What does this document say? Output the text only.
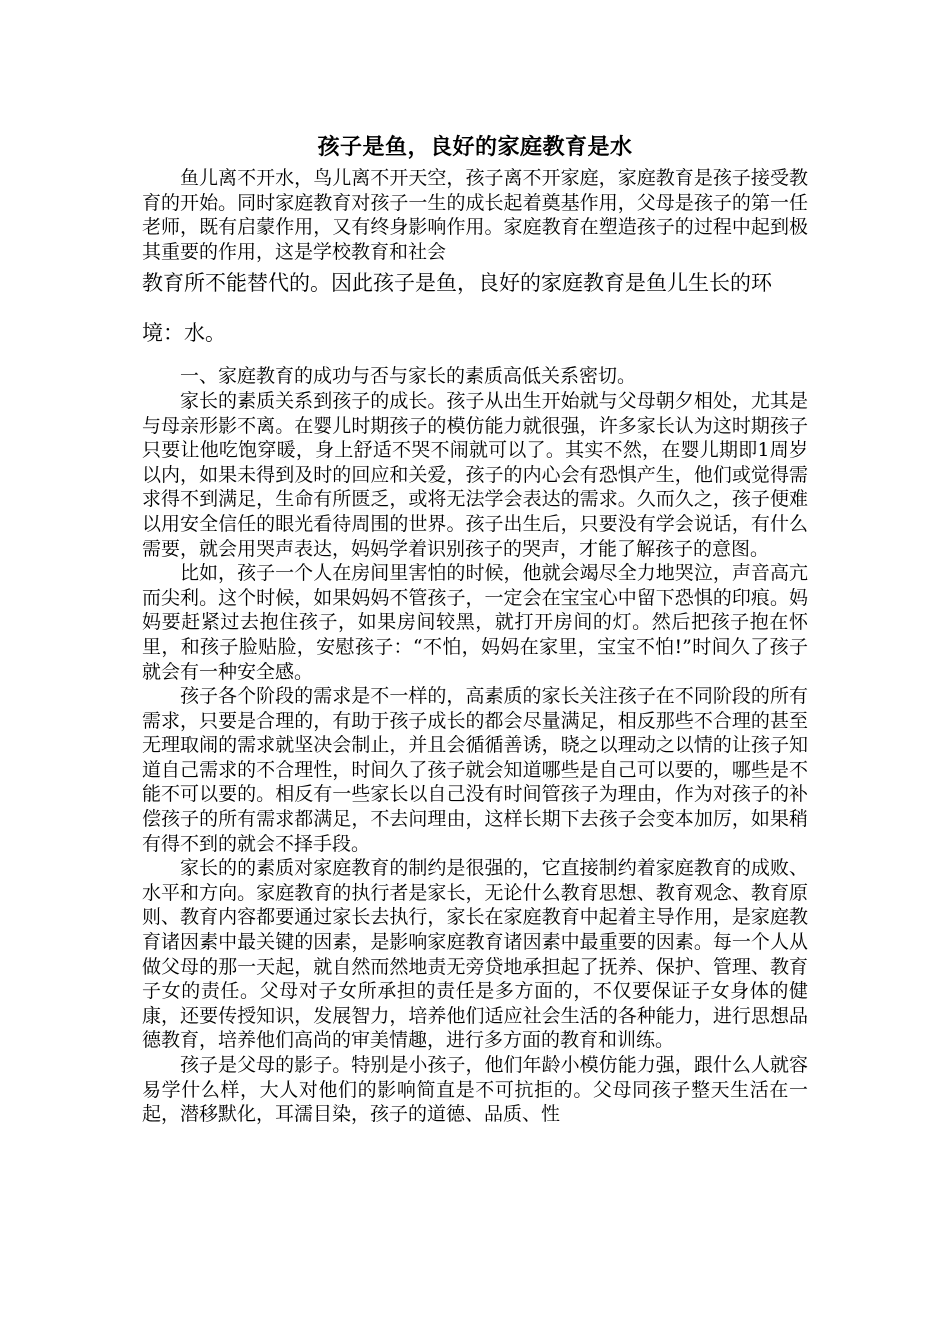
孩子是鱼，良好的家庭教育是水

鱼儿离不开水，鸟儿离不开天空，孩子离不开家庭，家庭教育是孩子接受教育的开始。同时家庭教育对孩子一生的成长起着奠基作用，父母是孩子的第一任老师，既有启蒙作用，又有终身影响作用。家庭教育在塑造孩子的过程中起到极其重要的作用，这是学校教育和社会

教育所不能替代的。因此孩子是鱼，良好的家庭教育是鱼儿生长的环境：水。

一、家庭教育的成功与否与家长的素质高低关系密切。

家长的素质关系到孩子的成长。孩子从出生开始就与父母朝夕相处，尤其是与母亲形影不离。在婴儿时期孩子的模仿能力就很强，许多家长认为这时期孩子只要让他吃饱穿暖，身上舒适不哭不闹就可以了。其实不然，在婴儿期即1周岁以内，如果未得到及时的回应和关爱，孩子的内心会有恐惧产生，他们或觉得需求得不到满足，生命有所匮乏，或将无法学会表达的需求。久而久之，孩子便难以用安全信任的眼光看待周围的世界。孩子出生后，只要没有学会说话，有什么需要，就会用哭声表达，妈妈学着识别孩子的哭声，才能了解孩子的意图。

比如，孩子一个人在房间里害怕的时候，他就会竭尽全力地哭泣，声音高亢而尖利。这个时候，如果妈妈不管孩子，一定会在宝宝心中留下恐惧的印痕。妈妈要赶紧过去抱住孩子，如果房间较黑，就打开房间的灯。然后把孩子抱在怀里，和孩子脸贴脸，安慰孩子：“不怕，妈妈在家里，宝宝不怕!”时间久了孩子就会有一种安全感。

孩子各个阶段的需求是不一样的，高素质的家长关注孩子在不同阶段的所有需求，只要是合理的，有助于孩子成长的都会尽量满足，相反那些不合理的甚至无理取闹的需求就坚决会制止，并且会循循善诱，晓之以理动之以情的让孩子知道自己需求的不合理性，时间久了孩子就会知道哪些是自己可以要的，哪些是不能不可以要的。相反有一些家长以自己没有时间管孩子为理由，作为对孩子的补偿孩子的所有需求都满足，不去问理由，这样长期下去孩子会变本加厉，如果稍有得不到的就会不择手段。

家长的的素质对家庭教育的制约是很强的，它直接制约着家庭教育的成败、水平和方向。家庭教育的执行者是家长，无论什么教育思想、教育观念、教育原则、教育内容都要通过家长去执行，家长在家庭教育中起着主导作用，是家庭教育诸因素中最关键的因素，是影响家庭教育诸因素中最重要的因素。每一个人从做父母的那一天起，就自然而然地责无旁贷地承担起了抚养、保护、管理、教育子女的责任。父母对子女所承担的责任是多方面的，不仅要保证子女身体的健康，还要传授知识，发展智力，培养他们适应社会生活的各种能力，进行思想品德教育，培养他们高尚的审美情趣，进行多方面的教育和训练。

孩子是父母的影子。特别是小孩子，他们年龄小模仿能力强，跟什么人就容易学什么样，大人对他们的影响简直是不可抗拒的。父母同孩子整天生活在一起，潜移默化，耳濡目染，孩子的道德、品质、性
